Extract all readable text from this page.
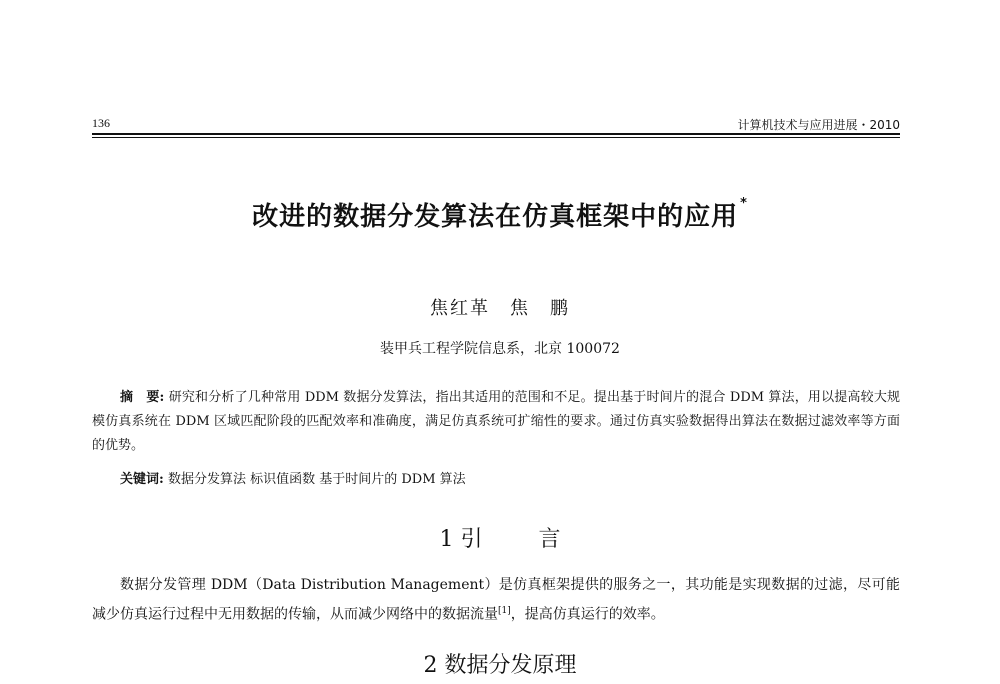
136	计算机技术与应用进展・2010
改进的数据分发算法在仿真框架中的应用 *
焦红革　焦　鹏
装甲兵工程学院信息系，北京 100072
摘　要: 研究和分析了几种常用 DDM 数据分发算法，指出其适用的范围和不足。提出基于时间片的混合 DDM 算法，用以提高较大规模仿真系统在 DDM 区域匹配阶段的匹配效率和准确度，满足仿真系统可扩缩性的要求。通过仿真实验数据得出算法在数据过滤效率等方面的优势。
关键词: 数据分发算法 标识值函数 基于时间片的 DDM 算法
1 引	言
数据分发管理 DDM（Data Distribution Management）是仿真框架提供的服务之一，其功能是实现数据的过滤，尽可能减少仿真运行过程中无用数据的传输，从而减少网络中的数据流量[1]，提高仿真运行的效率。
2 数据分发原理
